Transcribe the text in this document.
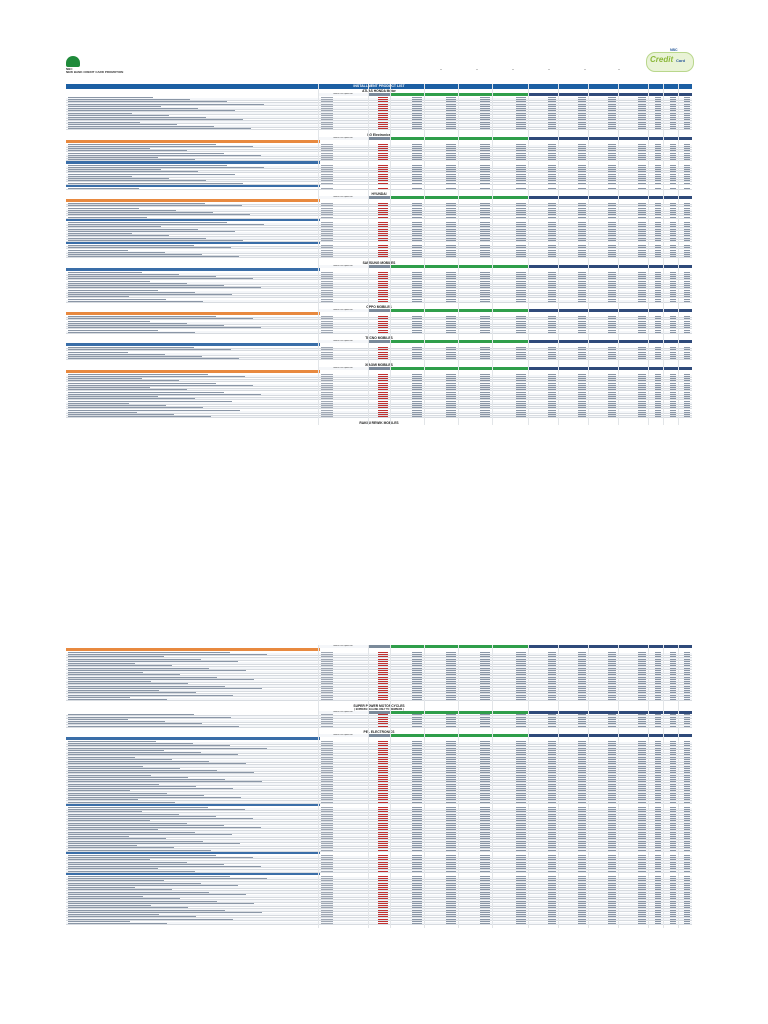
NBC
NEW BANK CREDIT CARD PROMOTION
NBC
Credit Card
INSTALLMENT PRODUCT LIST
ATLAS HONDA Motor
Model & Price Update Date
LG Electronics
Model & Price Update Date
HYUNDAI
Model & Price Update Date
SAMSUNG MOBILES
Model & Price Update Date
OPPO MOBILES
Model & Price Update Date
TECNO MOBILES
Model & Price Update Date
XIAOMI MOBILES
Model & Price Update Date
RAKINI REWIK MOBILES
Model & Price Update Date
SUPER POWER MOTORCYCLES
( EXPRESS DEALING ONLY TO MEMBERS )
Model & Price Update Date
PEL ELECTRONICS
Model & Price Update Date
